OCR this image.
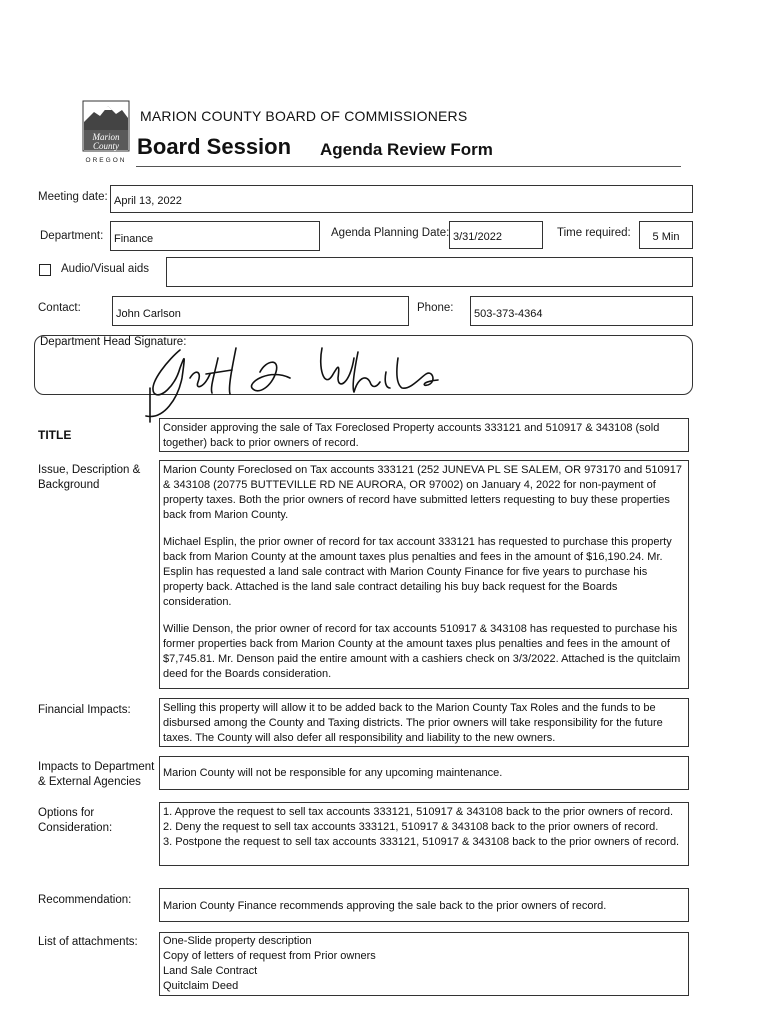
Marion
County
OREGON
MARION COUNTY BOARD OF COMMISSIONERS
Board Session Agenda Review Form
Meeting date: April 13, 2022
Department: Finance	Agenda Planning Date: 3/31/2022	Time required:	5 Min
Audio/Visual aids
Contact:	John Carlson	Phone:	503-373-4364
Department Head Signature:
TITLE	Consider approving the sale of Tax Foreclosed Property accounts 333121 and 510917 & 343108 (sold together) back to prior owners of record.
Issue, Description &
Background
Marion County Foreclosed on Tax accounts 333121 (252 JUNEVA PL SE SALEM, OR 973170 and 510917 & 343108 (20775 BUTTEVILLE RD NE AURORA, OR 97002) on January 4, 2022 for non-payment of property taxes. Both the prior owners of record have submitted letters requesting to buy these properties back from Marion County.
Michael Esplin, the prior owner of record for tax account 333121 has requested to purchase this property back from Marion County at the amount taxes plus penalties and fees in the amount of $16,190.24. Mr. Esplin has requested a land sale contract with Marion County Finance for five years to purchase his property back. Attached is the land sale contract detailing his buy back request for the Boards consideration.
Willie Denson, the prior owner of record for tax accounts 510917 & 343108 has requested to purchase his former properties back from Marion County at the amount taxes plus penalties and fees in the amount of $7,745.81. Mr. Denson paid the entire amount with a cashiers check on 3/3/2022. Attached is the quitclaim deed for the Boards consideration.
Financial Impacts:	Selling this property will allow it to be added back to the Marion County Tax Roles and the funds to be disbursed among the County and Taxing districts. The prior owners will take responsibility for the future taxes. The County will also defer all responsibility and liability to the new owners.
Impacts to Department
& External Agencies
Marion County will not be responsible for any upcoming maintenance.
Options for
Consideration:
1. Approve the request to sell tax accounts 333121, 510917 & 343108 back to the prior owners of record.
2. Deny the request to sell tax accounts 333121, 510917 & 343108 back to the prior owners of record.
3. Postpone the request to sell tax accounts 333121, 510917 & 343108 back to the prior owners of record.
Recommendation:	Marion County Finance recommends approving the sale back to the prior owners of record.
List of attachments: One-Slide property description
Copy of letters of request from Prior owners
Land Sale Contract
Quitclaim Deed
